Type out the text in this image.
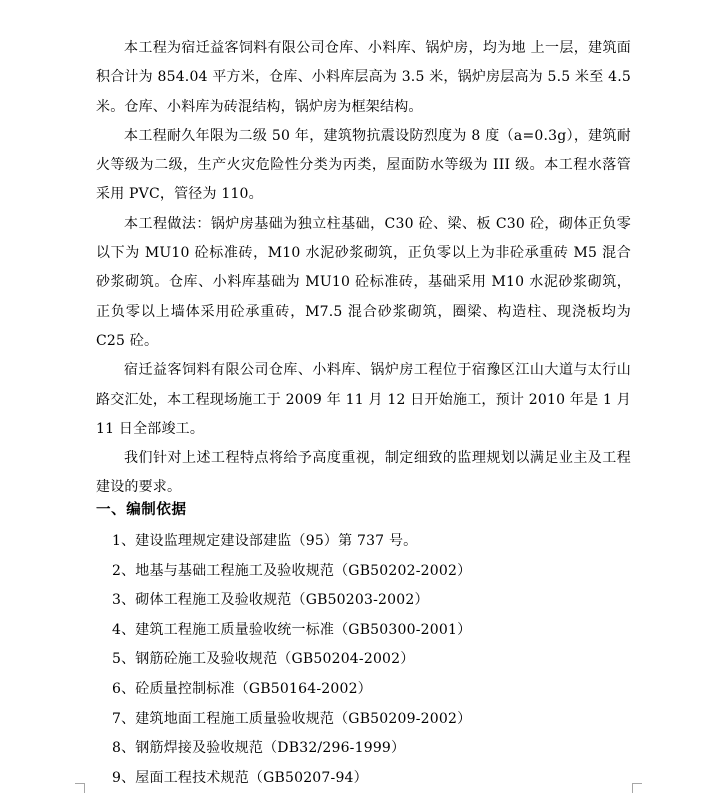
本工程为宿迁益客饲料有限公司仓库、小料库、锅炉房，均为地 上一层，建筑面积合计为 854.04 平方米，仓库、小料库层高为 3.5 米，锅炉房层高为 5.5 米至 4.5 米。仓库、小料库为砖混结构，锅炉房为框架结构。

本工程耐久年限为二级 50 年，建筑物抗震设防烈度为 8 度（a=0.3g），建筑耐火等级为二级，生产火灾危险性分类为丙类，屋面防水等级为 III 级。本工程水落管采用 PVC，管径为 110。

本工程做法：锅炉房基础为独立柱基础，C30 砼、梁、板 C30 砼，砌体正负零以下为 MU10 砼标准砖，M10 水泥砂浆砌筑，正负零以上为非砼承重砖 M5 混合砂浆砌筑。仓库、小料库基础为 MU10 砼标准砖，基础采用 M10 水泥砂浆砌筑，正负零以上墙体采用砼承重砖，M7.5 混合砂浆砌筑，圈梁、构造柱、现浇板均为 C25 砼。

宿迁益客饲料有限公司仓库、小料库、锅炉房工程位于宿豫区江山大道与太行山路交汇处，本工程现场施工于 2009 年 11 月 12 日开始施工，预计 2010 年是 1 月 11 日全部竣工。

我们针对上述工程特点将给予高度重视，制定细致的监理规划以满足业主及工程建设的要求。

一、编制依据
1、建设监理规定建设部建监（95）第 737 号。
2、地基与基础工程施工及验收规范（GB50202-2002）
3、砌体工程施工及验收规范（GB50203-2002）
4、建筑工程施工质量验收统一标准（GB50300-2001）
5、钢筋砼施工及验收规范（GB50204-2002）
6、砼质量控制标准（GB50164-2002）
7、建筑地面工程施工质量验收规范（GB50209-2002）
8、钢筋焊接及验收规范（DB32/296-1999）
9、屋面工程技术规范（GB50207-94）
